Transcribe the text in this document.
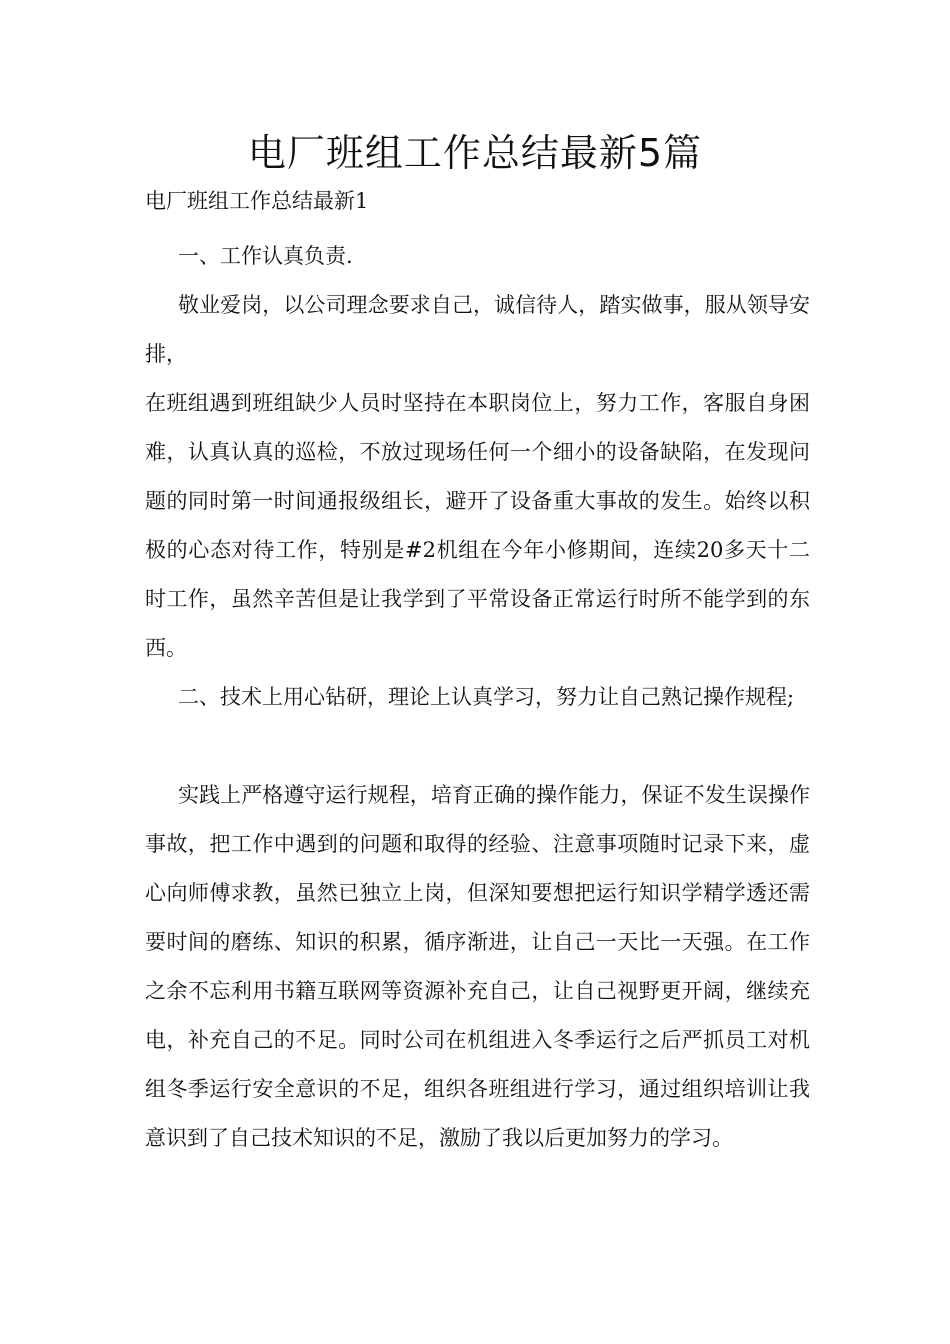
电厂班组工作总结最新5篇

电厂班组工作总结最新1

一、工作认真负责.

敬业爱岗，以公司理念要求自己，诚信待人，踏实做事，服从领导安排，

在班组遇到班组缺少人员时坚持在本职岗位上，努力工作，客服自身困难，认真认真的巡检，不放过现场任何一个细小的设备缺陷，在发现问题的同时第一时间通报级组长，避开了设备重大事故的发生。始终以积极的心态对待工作，特别是#2机组在今年小修期间，连续20多天十二时工作，虽然辛苦但是让我学到了平常设备正常运行时所不能学到的东西。

二、技术上用心钻研，理论上认真学习，努力让自己熟记操作规程;

实践上严格遵守运行规程，培育正确的操作能力，保证不发生误操作事故，把工作中遇到的问题和取得的经验、注意事项随时记录下来，虚心向师傅求教，虽然已独立上岗，但深知要想把运行知识学精学透还需要时间的磨练、知识的积累，循序渐进，让自己一天比一天强。在工作之余不忘利用书籍互联网等资源补充自己，让自己视野更开阔，继续充电，补充自己的不足。同时公司在机组进入冬季运行之后严抓员工对机组冬季运行安全意识的不足，组织各班组进行学习，通过组织培训让我意识到了自己技术知识的不足，激励了我以后更加努力的学习。
